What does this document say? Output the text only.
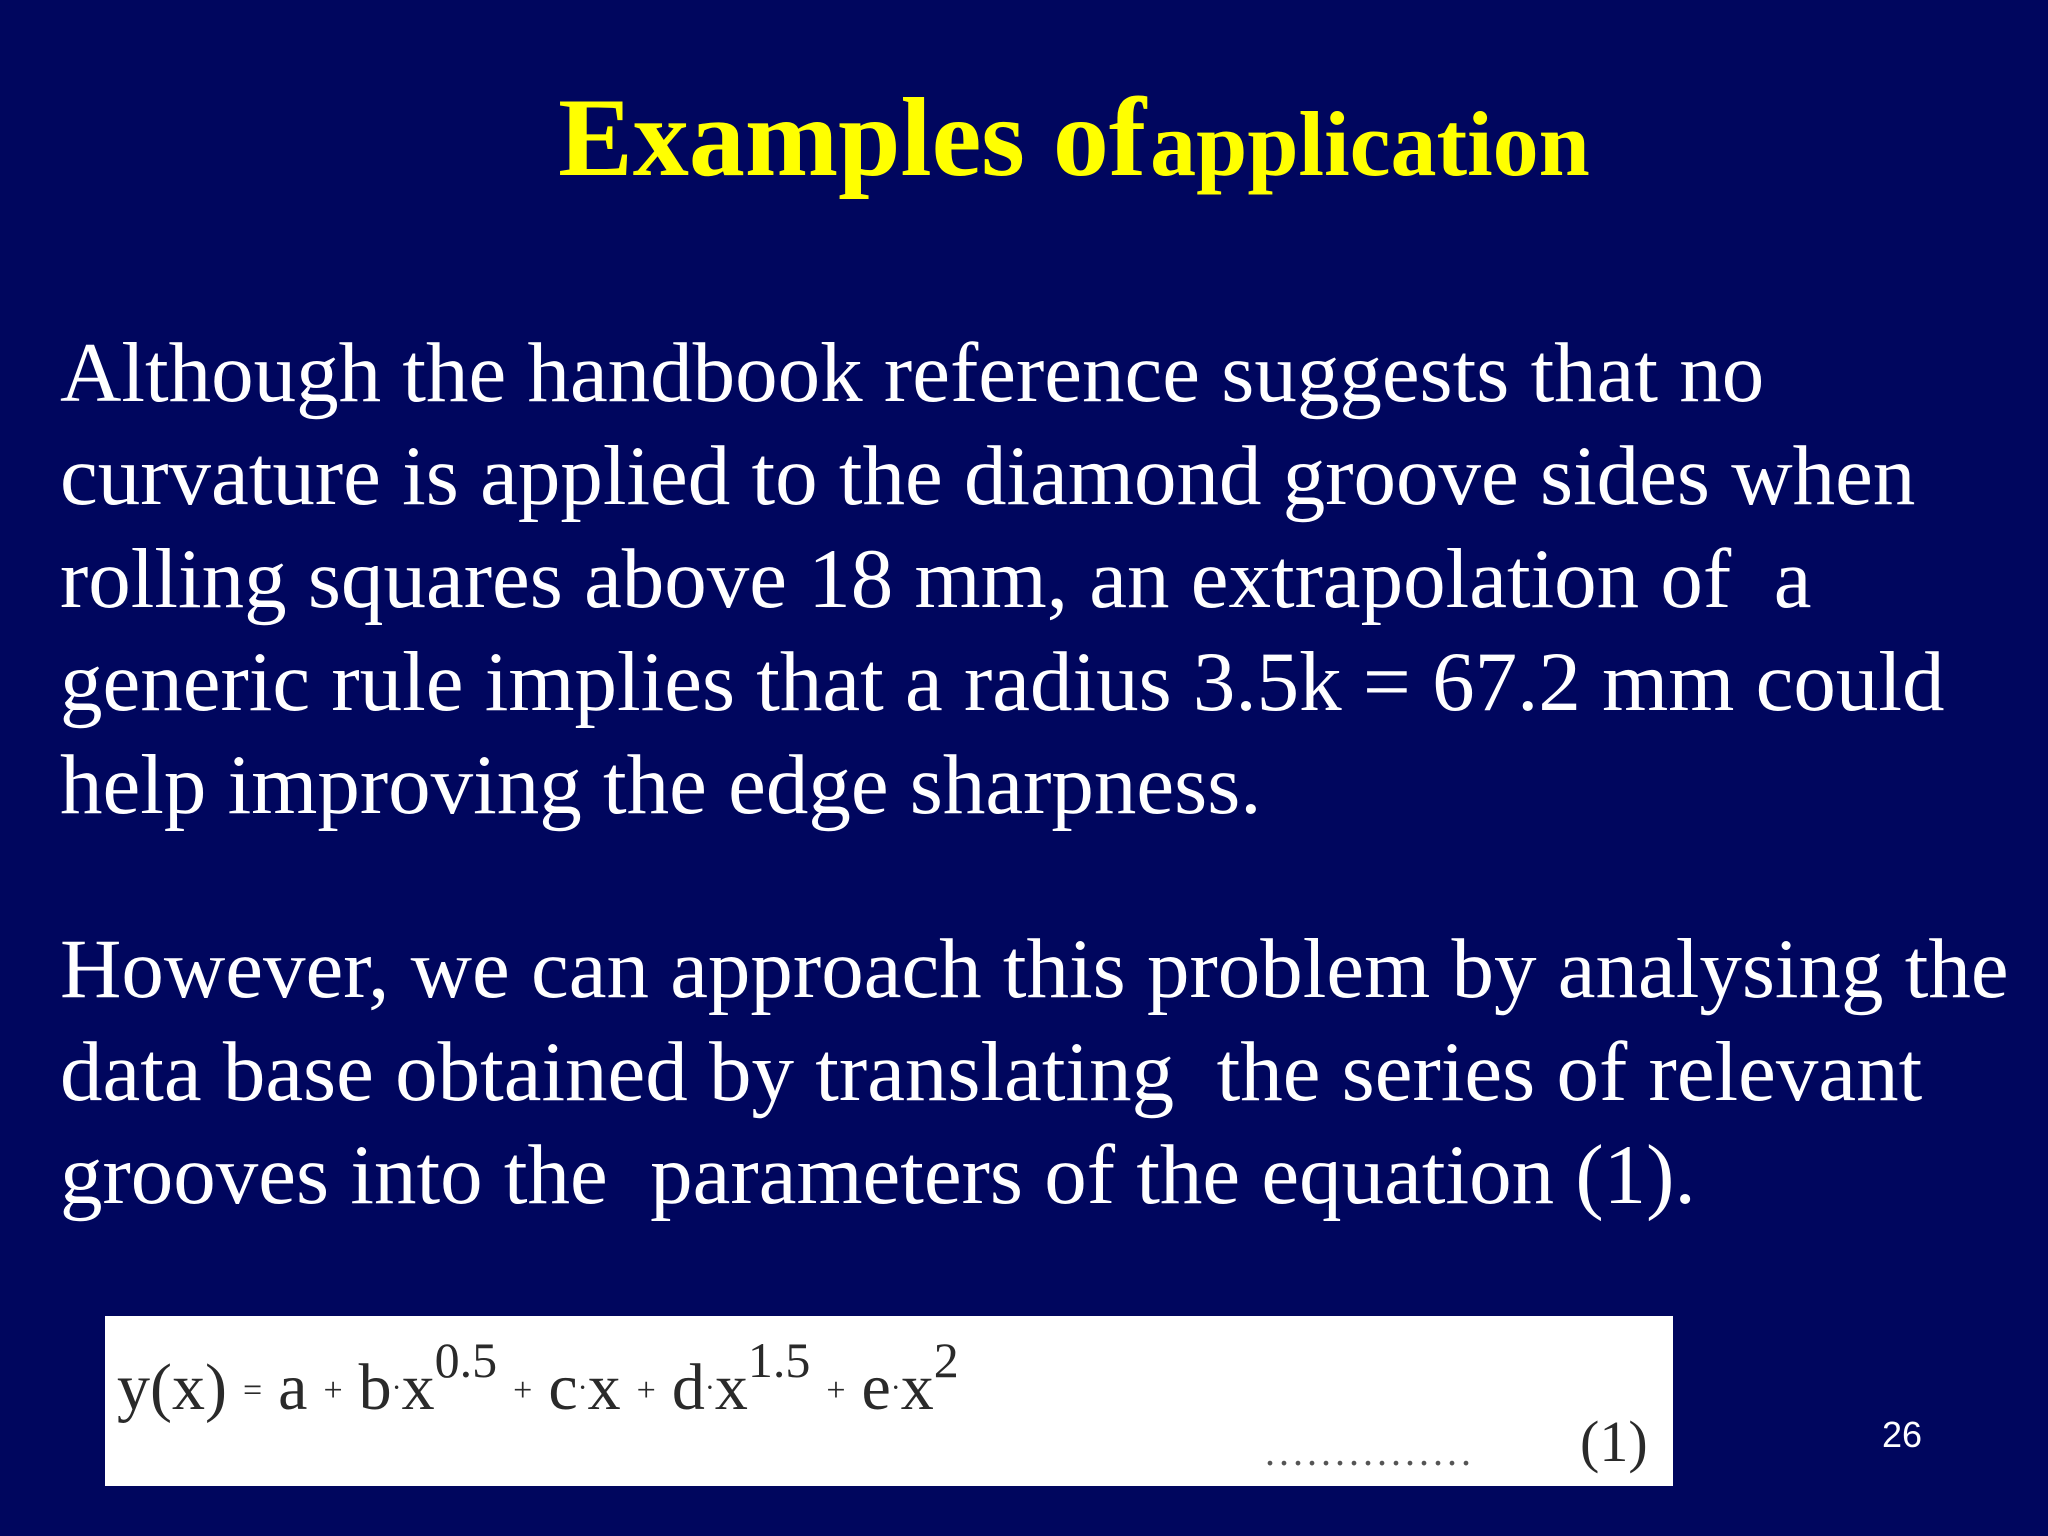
Examples of application
Although the handbook reference suggests that no
curvature is applied to the diamond groove sides when
rolling squares above 18 mm, an extrapolation of  a
generic rule implies that a radius 3.5k = 67.2 mm could
help improving the edge sharpness.
However, we can approach this problem by analysing the
data base obtained by translating  the series of relevant
grooves into the  parameters of the equation (1).
$y(x) = a + b\cdot x^{0.5}+ c\cdot x + d\cdot x^{1.5}+ e\cdot x^2$
............... (1)	26
